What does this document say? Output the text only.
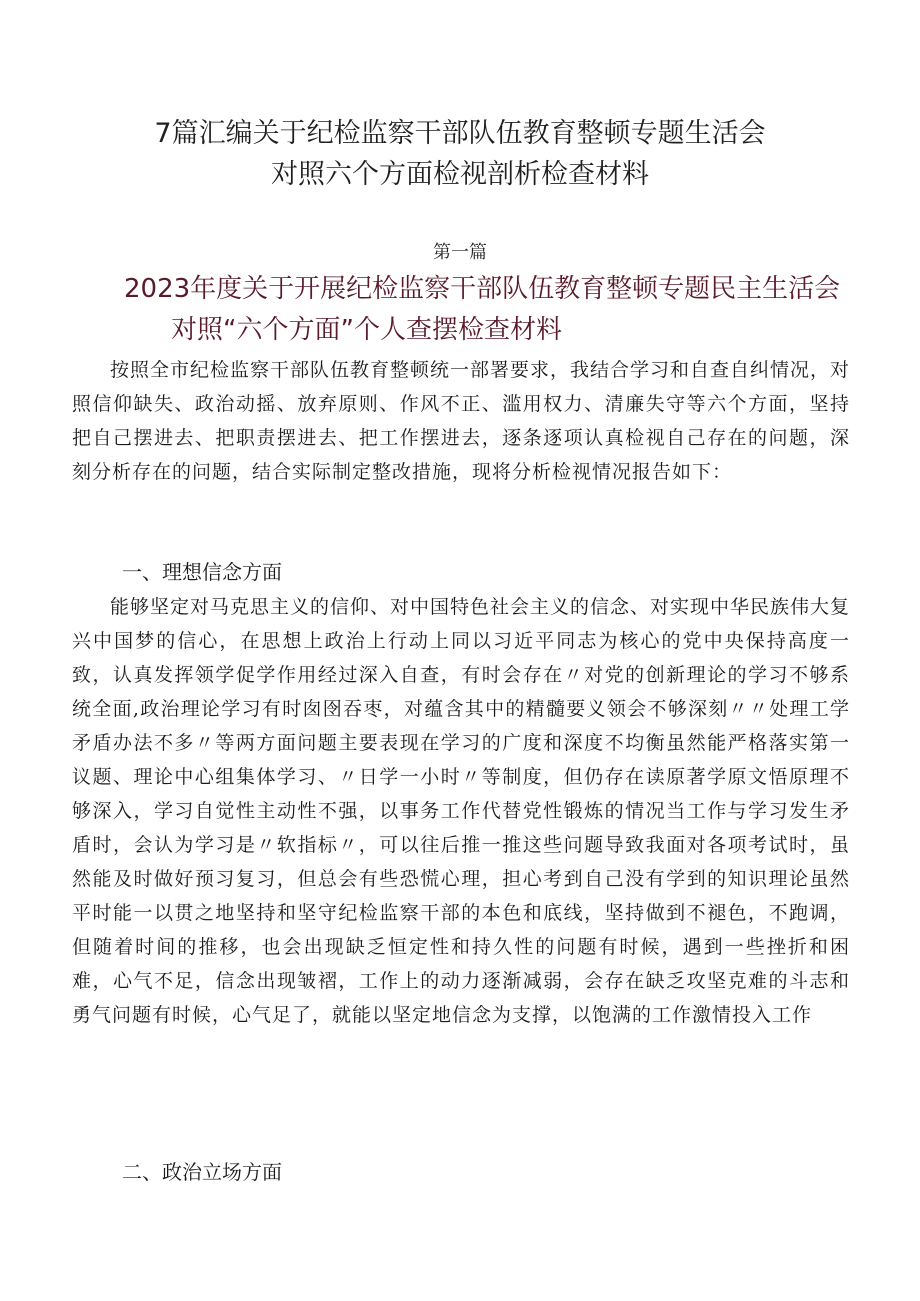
7篇汇编关于纪检监察干部队伍教育整顿专题生活会
对照六个方面检视剖析检查材料
第一篇
2023年度关于开展纪检监察干部队伍教育整顿专题民主生活会
对照“六个方面”个人查摆检查材料
按照全市纪检监察干部队伍教育整顿统一部署要求，我结合学习和自查自纠情况，对照信仰缺失、政治动摇、放弃原则、作风不正、滥用权力、清廉失守等六个方面，坚持把自己摆进去、把职责摆进去、把工作摆进去，逐条逐项认真检视自己存在的问题，深刻分析存在的问题，结合实际制定整改措施，现将分析检视情况报告如下：
一、理想信念方面
能够坚定对马克思主义的信仰、对中国特色社会主义的信念、对实现中华民族伟大复兴中国梦的信心，在思想上政治上行动上同以习近平同志为核心的党中央保持高度一致，认真发挥领学促学作用经过深入自查，有时会存在〃对党的创新理论的学习不够系统全面,政治理论学习有时囱囹吞枣，对蕴含其中的精髓要义领会不够深刻〃〃处理工学矛盾办法不多〃等两方面问题主要表现在学习的广度和深度不均衡虽然能严格落实第一议题、理论中心组集体学习、〃日学一小时〃等制度，但仍存在读原著学原文悟原理不够深入，学习自觉性主动性不强，以事务工作代替党性锻炼的情况当工作与学习发生矛盾时，会认为学习是〃软指标〃，可以往后推一推这些问题导致我面对各项考试时，虽然能及时做好预习复习，但总会有些恐慌心理，担心考到自己没有学到的知识理论虽然平时能一以贯之地坚持和坚守纪检监察干部的本色和底线，坚持做到不褪色，不跑调，但随着时间的推移，也会出现缺乏恒定性和持久性的问题有时候，遇到一些挫折和困难，心气不足，信念出现皱褶，工作上的动力逐渐减弱，会存在缺乏攻坚克难的斗志和勇气问题有时候，心气足了，就能以坚定地信念为支撑，以饱满的工作激情投入工作
二、政治立场方面
